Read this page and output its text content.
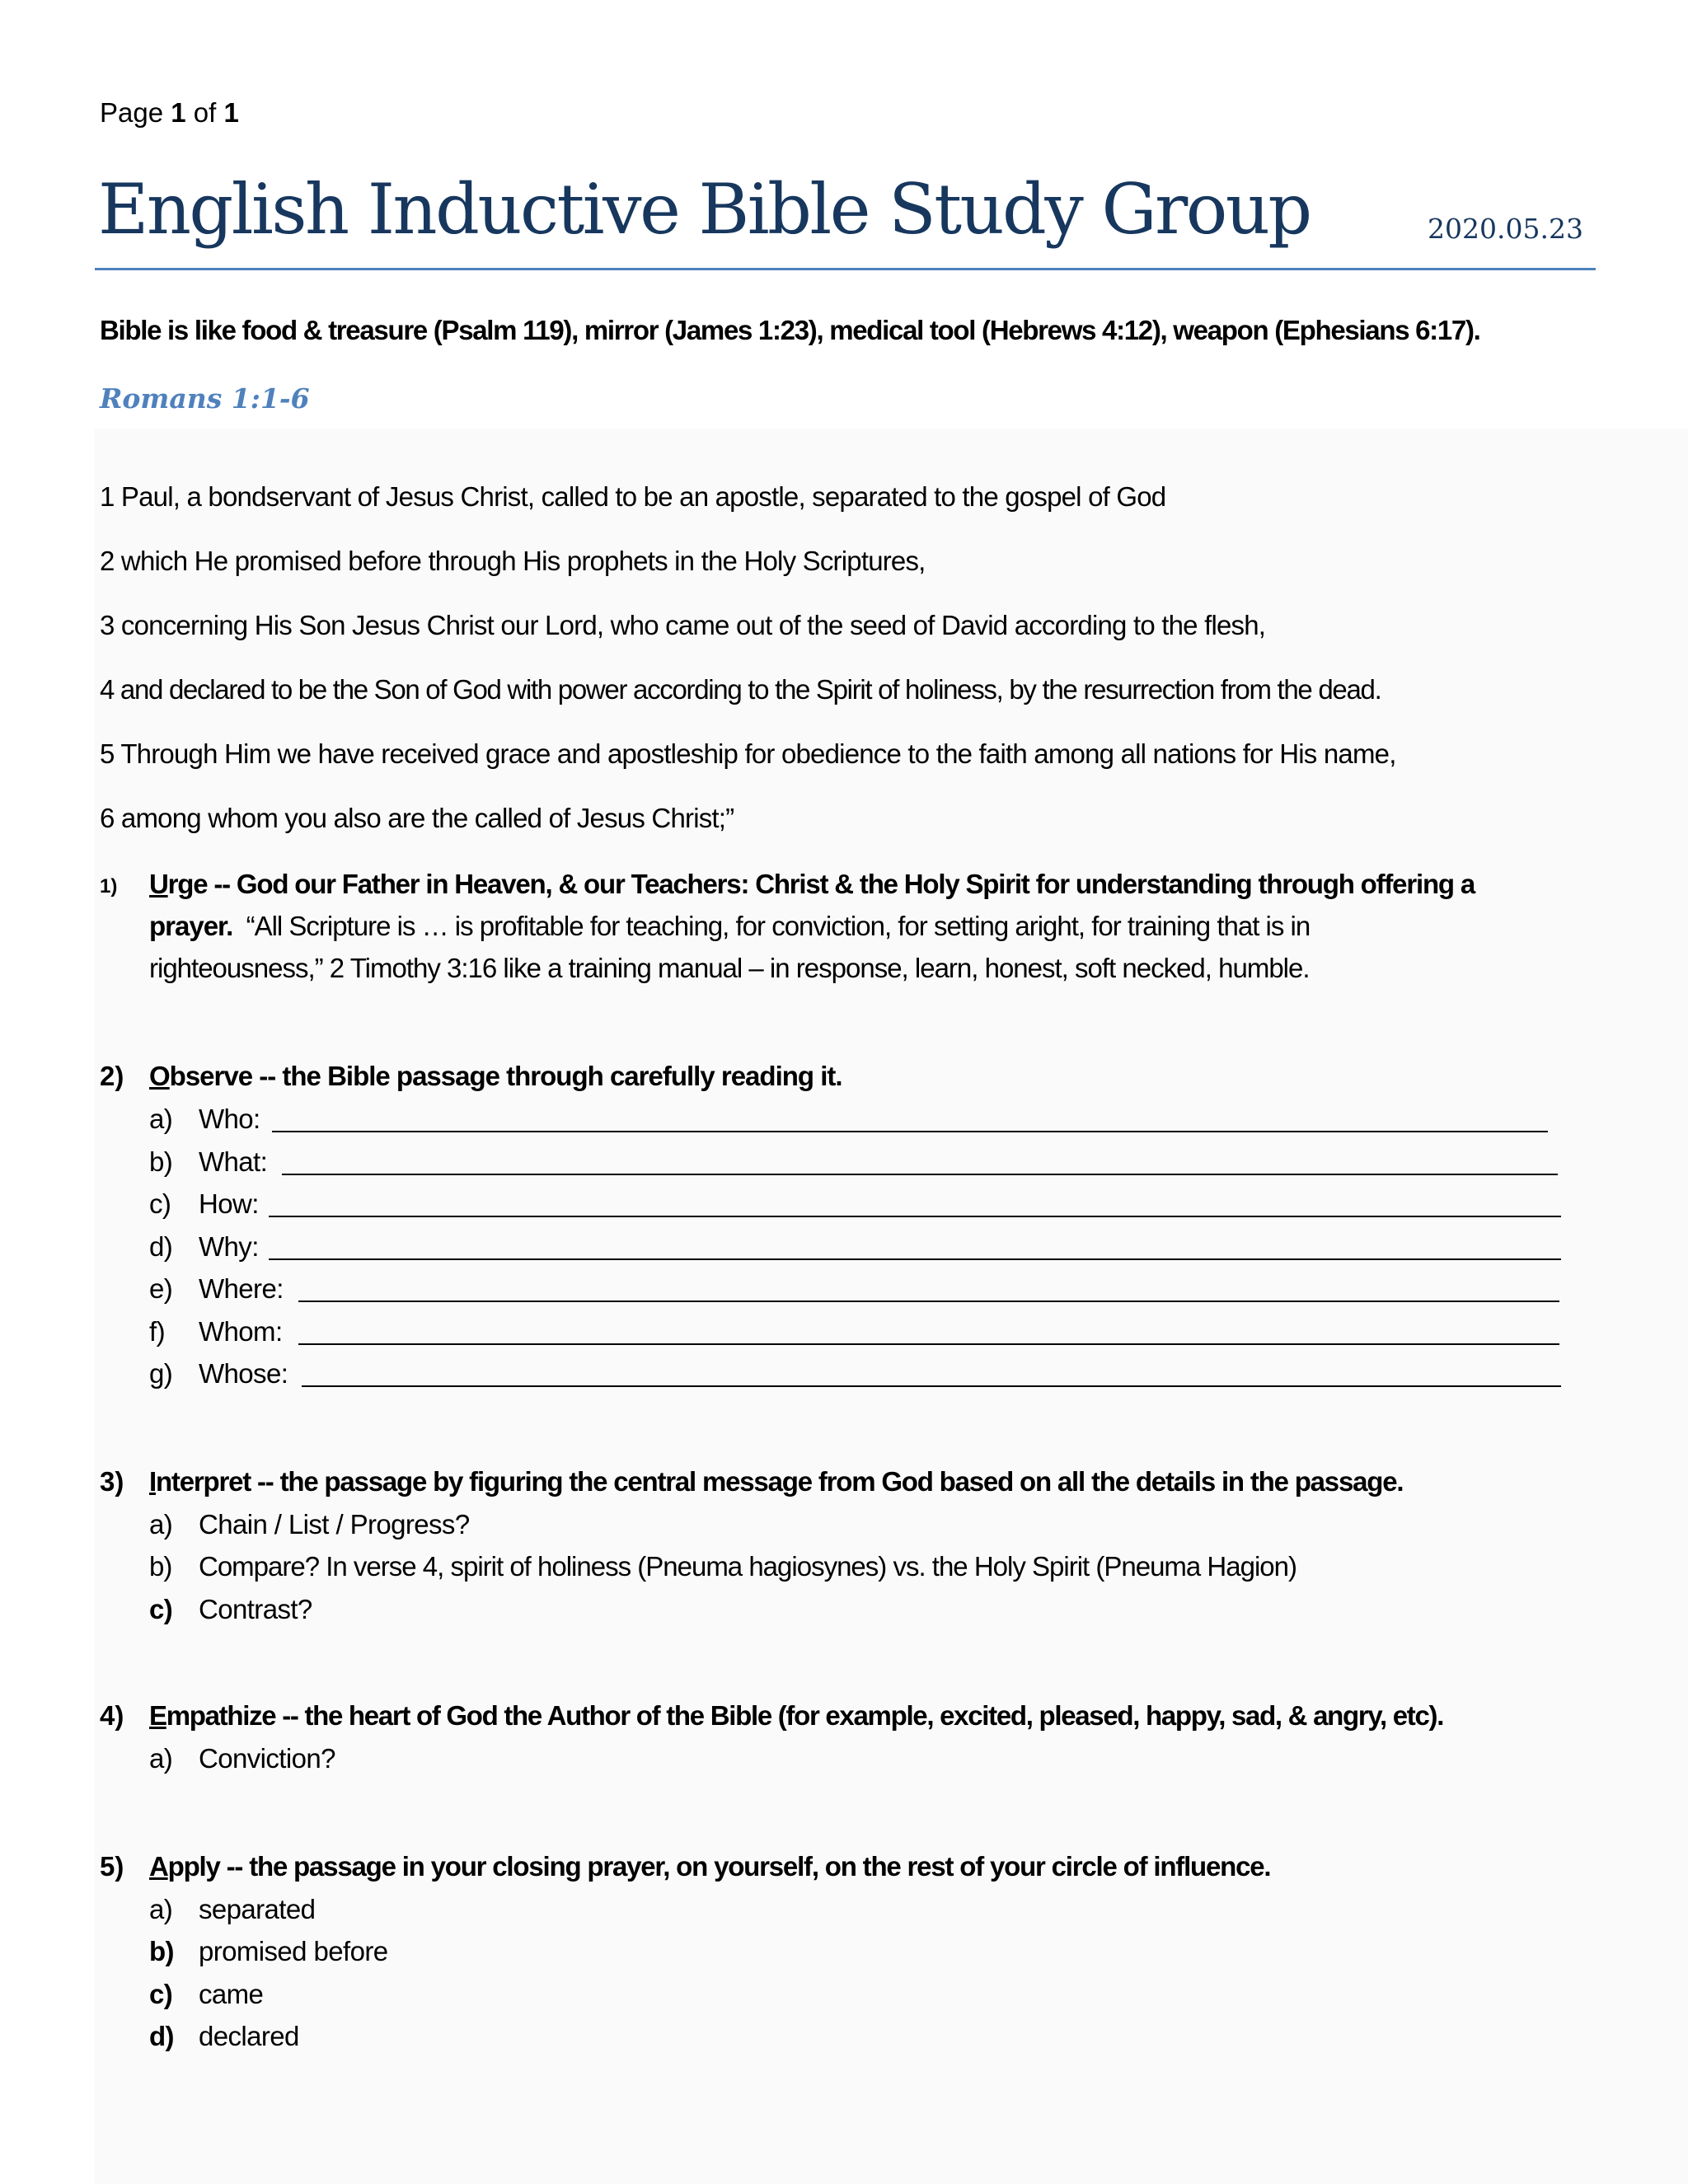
Page 1 of 1
English Inductive Bible Study Group	2020.05.23
Bible is like food & treasure (Psalm 119), mirror (James 1:23), medical tool (Hebrews 4:12), weapon (Ephesians 6:17).
Romans 1:1-6
1 Paul, a bondservant of Jesus Christ, called to be an apostle, separated to the gospel of God
2 which He promised before through His prophets in the Holy Scriptures,
3 concerning His Son Jesus Christ our Lord, who came out of the seed of David according to the flesh,
4 and declared to be the Son of God with power according to the Spirit of holiness, by the resurrection from the dead.
5 Through Him we have received grace and apostleship for obedience to the faith among all nations for His name,
6 among whom you also are the called of Jesus Christ;”
1) Urge -- God our Father in Heaven, & our Teachers: Christ & the Holy Spirit for understanding through offering a
prayer. “All Scripture is … is profitable for teaching, for conviction, for setting aright, for training that is in
righteousness,” 2 Timothy 3:16 like a training manual – in response, learn, honest, soft necked, humble.
2) Observe -- the Bible passage through carefully reading it.
a) Who:
b) What:
c) How:
d) Why:
e) Where:
f) Whom:
g) Whose:
3) Interpret -- the passage by figuring the central message from God based on all the details in the passage.
a) Chain / List / Progress?
b) Compare? In verse 4, spirit of holiness (Pneuma hagiosynes) vs. the Holy Spirit (Pneuma Hagion)
c) Contrast?
4) Empathize -- the heart of God the Author of the Bible (for example, excited, pleased, happy, sad, & angry, etc).
a) Conviction?
5) Apply -- the passage in your closing prayer, on yourself, on the rest of your circle of influence.
a) separated
b) promised before
c) came
d) declared
